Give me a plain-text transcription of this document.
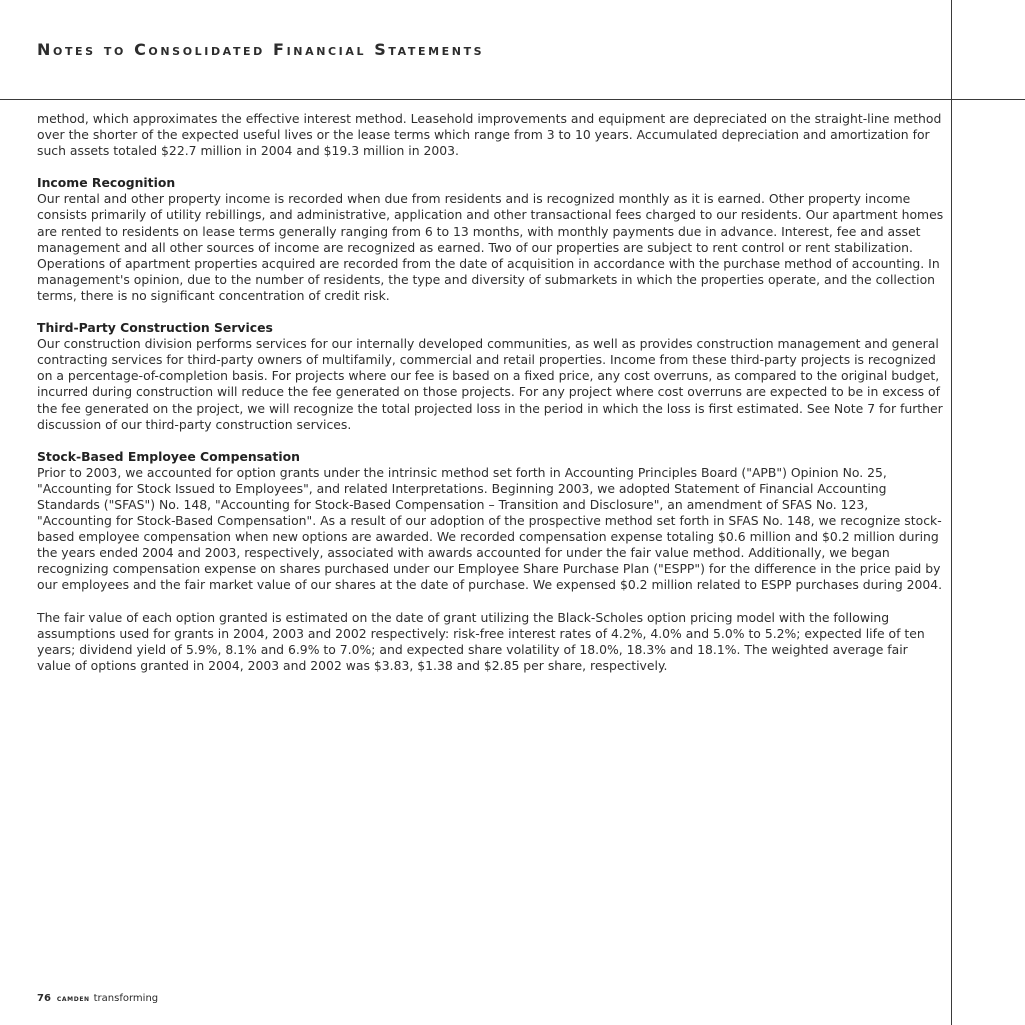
Notes to Consolidated Financial Statements

method, which approximates the effective interest method. Leasehold improvements and equipment are depreciated on the straight-line method over the shorter of the expected useful lives or the lease terms which range from 3 to 10 years. Accumulated depreciation and amortization for such assets totaled $22.7 million in 2004 and $19.3 million in 2003.

Income Recognition

Our rental and other property income is recorded when due from residents and is recognized monthly as it is earned. Other property income consists primarily of utility rebillings, and administrative, application and other transactional fees charged to our residents. Our apartment homes are rented to residents on lease terms generally ranging from 6 to 13 months, with monthly payments due in advance. Interest, fee and asset management and all other sources of income are recognized as earned. Two of our properties are subject to rent control or rent stabilization. Operations of apartment properties acquired are recorded from the date of acquisition in accordance with the purchase method of accounting. In management's opinion, due to the number of residents, the type and diversity of submarkets in which the properties operate, and the collection terms, there is no significant concentration of credit risk.

Third-Party Construction Services

Our construction division performs services for our internally developed communities, as well as provides construction management and general contracting services for third-party owners of multifamily, commercial and retail properties. Income from these third-party projects is recognized on a percentage-of-completion basis. For projects where our fee is based on a fixed price, any cost overruns, as compared to the original budget, incurred during construction will reduce the fee generated on those projects. For any project where cost overruns are expected to be in excess of the fee generated on the project, we will recognize the total projected loss in the period in which the loss is first estimated. See Note 7 for further discussion of our third-party construction services.

Stock-Based Employee Compensation

Prior to 2003, we accounted for option grants under the intrinsic method set forth in Accounting Principles Board ("APB") Opinion No. 25, "Accounting for Stock Issued to Employees", and related Interpretations. Beginning 2003, we adopted Statement of Financial Accounting Standards ("SFAS") No. 148, "Accounting for Stock-Based Compensation – Transition and Disclosure", an amendment of SFAS No. 123, "Accounting for Stock-Based Compensation". As a result of our adoption of the prospective method set forth in SFAS No. 148, we recognize stock-based employee compensation when new options are awarded. We recorded compensation expense totaling $0.6 million and $0.2 million during the years ended 2004 and 2003, respectively, associated with awards accounted for under the fair value method. Additionally, we began recognizing compensation expense on shares purchased under our Employee Share Purchase Plan ("ESPP") for the difference in the price paid by our employees and the fair market value of our shares at the date of purchase. We expensed $0.2 million related to ESPP purchases during 2004.

The fair value of each option granted is estimated on the date of grant utilizing the Black-Scholes option pricing model with the following assumptions used for grants in 2004, 2003 and 2002 respectively: risk-free interest rates of 4.2%, 4.0% and 5.0% to 5.2%; expected life of ten years; dividend yield of 5.9%, 8.1% and 6.9% to 7.0%; and expected share volatility of 18.0%, 18.3% and 18.1%. The weighted average fair value of options granted in 2004, 2003 and 2002 was $3.83, $1.38 and $2.85 per share, respectively.

76 camden transforming
